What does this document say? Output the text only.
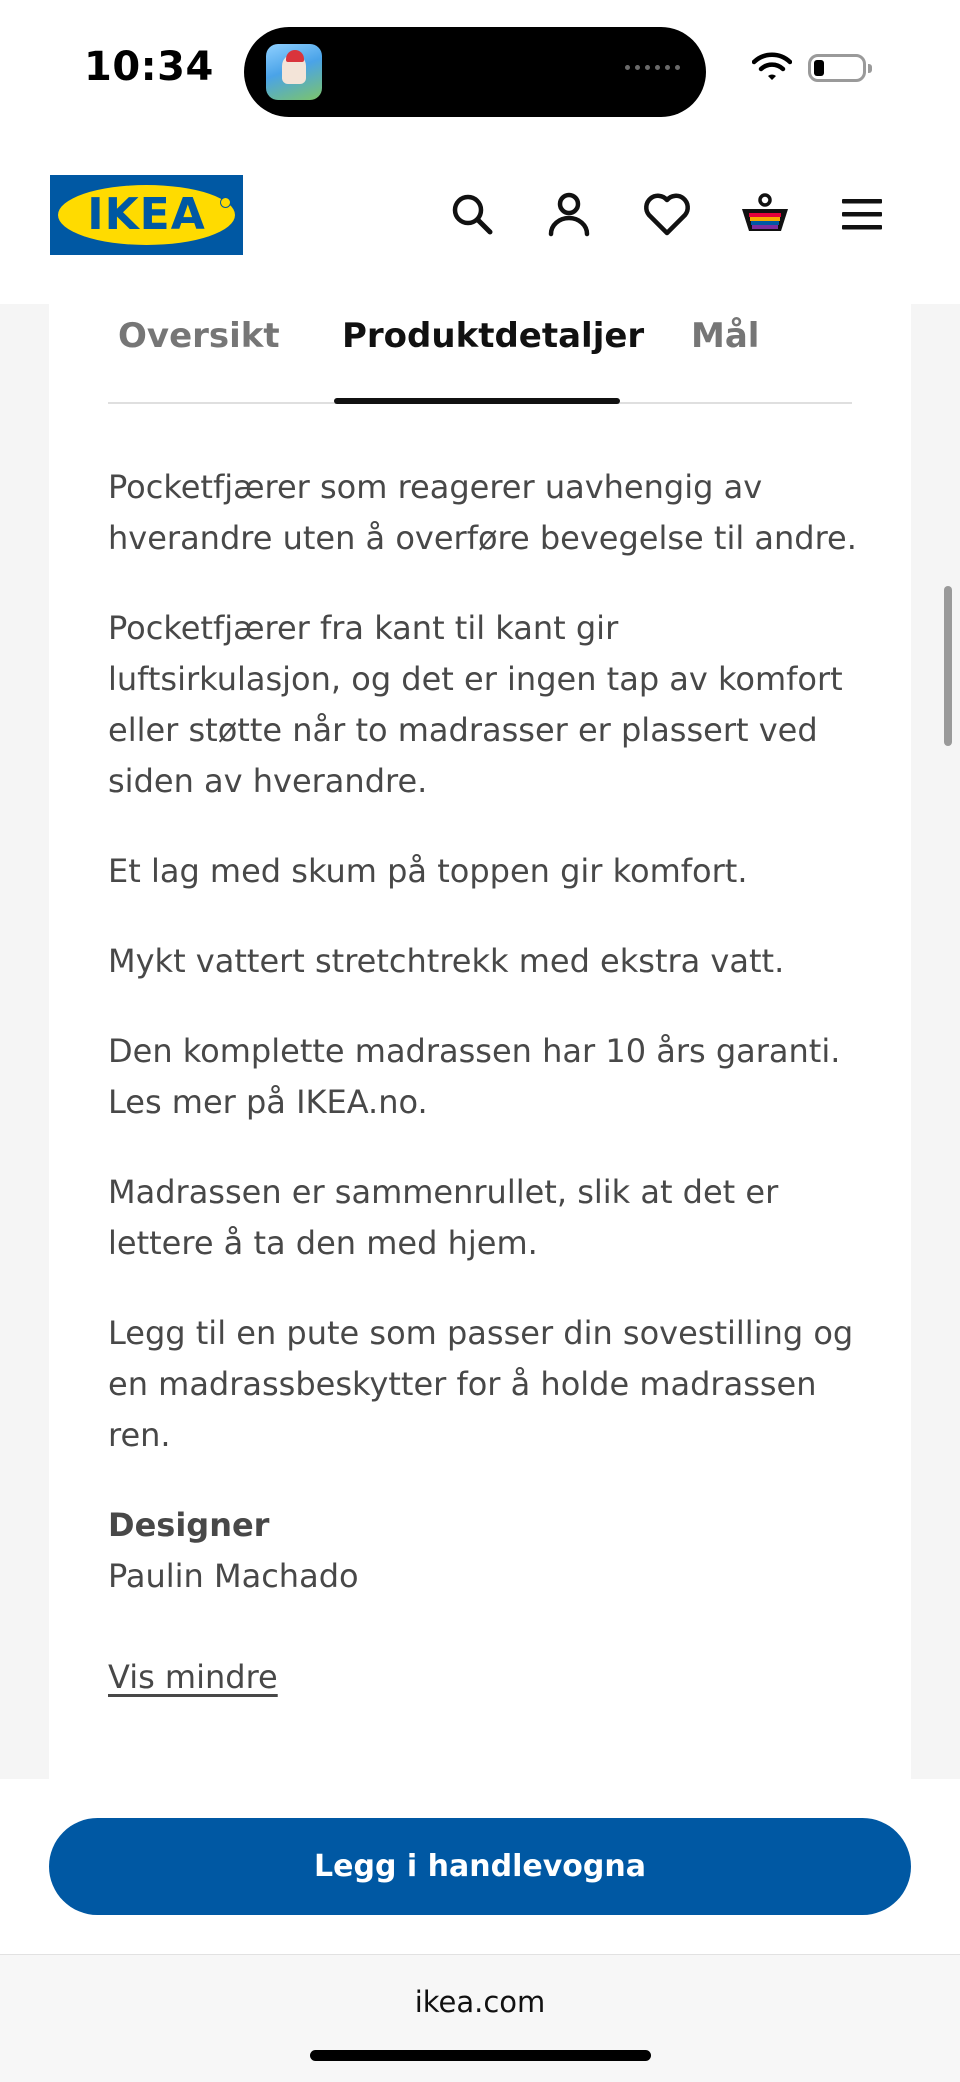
10:34
IKEA
Oversikt Produktdetaljer Mål

Pocketfjærer som reagerer uavhengig av hverandre uten å overføre bevegelse til andre.

Pocketfjærer fra kant til kant gir luftsirkulasjon, og det er ingen tap av komfort eller støtte når to madrasser er plassert ved siden av hverandre.

Et lag med skum på toppen gir komfort.

Mykt vattert stretchtrekk med ekstra vatt.

Den komplette madrassen har 10 års garanti. Les mer på IKEA.no.

Madrassen er sammenrullet, slik at det er lettere å ta den med hjem.

Legg til en pute som passer din sovestilling og en madrassbeskytter for å holde madrassen ren.

Designer
Paulin Machado
Vis mindre
Legg i handlevogna
ikea.com
